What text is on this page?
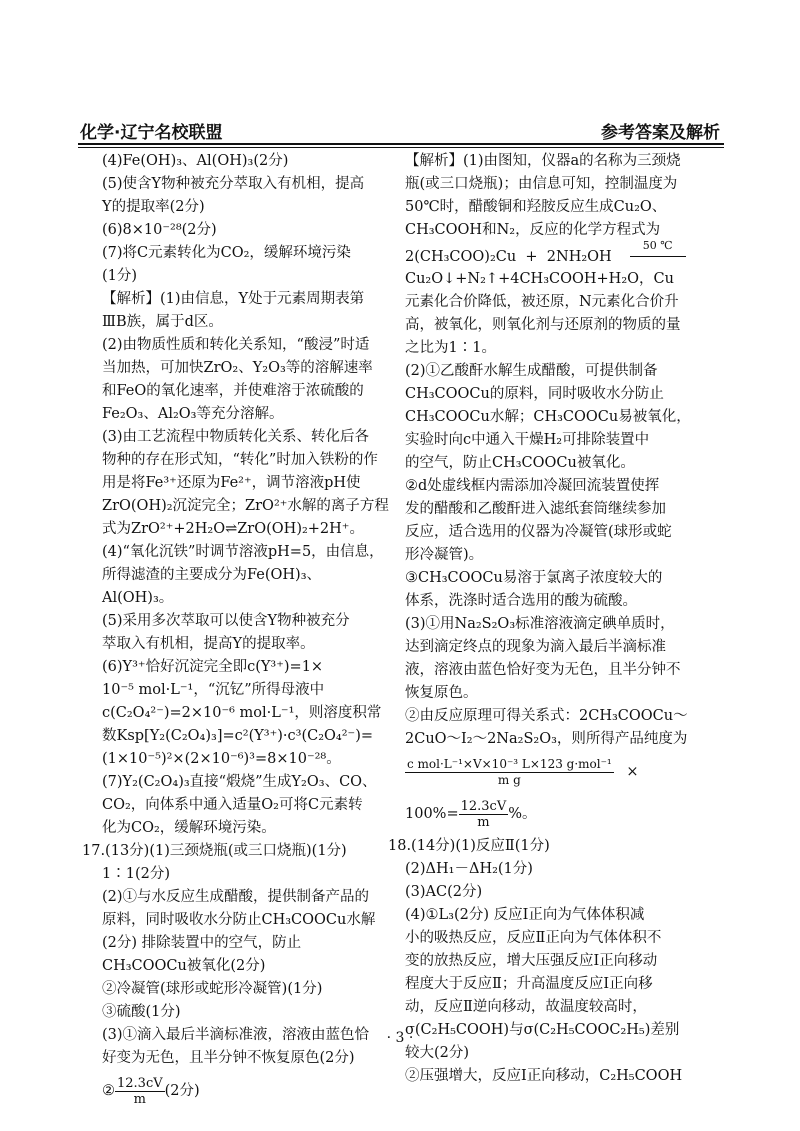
化学·辽宁名校联盟	参考答案及解析
(4)Fe(OH)₃、Al(OH)₃(2分)
(5)使含Y物种被充分萃取入有机相，提高
Y的提取率(2分)
(6)8×10⁻²⁸(2分)
(7)将C元素转化为CO₂，缓解环境污染
(1分)
【解析】(1)由信息，Y处于元素周期表第
ⅢB族，属于d区。
(2)由物质性质和转化关系知，“酸浸”时适
当加热，可加快ZrO₂、Y₂O₃等的溶解速率
和FeO的氧化速率，并使难溶于浓硫酸的
Fe₂O₃、Al₂O₃等充分溶解。
(3)由工艺流程中物质转化关系、转化后各
物种的存在形式知，“转化”时加入铁粉的作
用是将Fe³⁺还原为Fe²⁺，调节溶液pH使
ZrO(OH)₂沉淀完全；ZrO²⁺水解的离子方程
式为ZrO²⁺+2H₂O⇌ZrO(OH)₂+2H⁺。
(4)“氧化沉铁”时调节溶液pH=5，由信息，
所得滤渣的主要成分为Fe(OH)₃、
Al(OH)₃。
(5)采用多次萃取可以使含Y物种被充分
萃取入有机相，提高Y的提取率。
(6)Y³⁺恰好沉淀完全即c(Y³⁺)=1×
10⁻⁵ mol·L⁻¹，“沉钇”所得母液中
c(C₂O₄²⁻)=2×10⁻⁶ mol·L⁻¹，则溶度积常
数Ksp[Y₂(C₂O₄)₃]=c²(Y³⁺)·c³(C₂O₄²⁻)=
(1×10⁻⁵)²×(2×10⁻⁶)³=8×10⁻²⁸。
(7)Y₂(C₂O₄)₃直接“煅烧”生成Y₂O₃、CO、
CO₂，向体系中通入适量O₂可将C元素转
化为CO₂，缓解环境污染。
17.(13分)(1)三颈烧瓶(或三口烧瓶)(1分)
1∶1(2分)
(2)①与水反应生成醋酸，提供制备产品的
原料，同时吸收水分防止CH₃COOCu水解
(2分) 排除装置中的空气，防止
CH₃COOCu被氧化(2分)
②冷凝管(球形或蛇形冷凝管)(1分)
③硫酸(1分)
(3)①滴入最后半滴标准液，溶液由蓝色恰
好变为无色，且半分钟不恢复原色(2分)
② $\frac{12.3cV}{m} (2$分)
【解析】(1)由图知，仪器a的名称为三颈烧
瓶(或三口烧瓶)；由信息可知，控制温度为
50℃时，醋酸铜和羟胺反应生成Cu₂O、
CH₃COOH和N₂，反应的化学方程式为
2(CH₃COO)₂Cu  +  2NH₂OH
50 ℃
Cu₂O↓+N₂↑+4CH₃COOH+H₂O，Cu
元素化合价降低，被还原，N元素化合价升
高，被氧化，则氧化剂与还原剂的物质的量
之比为1∶1。
(2)①乙酸酐水解生成醋酸，可提供制备
CH₃COOCu的原料，同时吸收水分防止
CH₃COOCu水解；CH₃COOCu易被氧化，
实验时向c中通入干燥H₂可排除装置中
的空气，防止CH₃COOCu被氧化。
②d处虚线框内需添加冷凝回流装置使挥
发的醋酸和乙酸酐进入滤纸套筒继续参加
反应，适合选用的仪器为冷凝管(球形或蛇
形冷凝管)。
③CH₃COOCu易溶于氯离子浓度较大的
体系，洗涤时适合选用的酸为硫酸。
(3)①用Na₂S₂O₃标准溶液滴定碘单质时，
达到滴定终点的现象为滴入最后半滴标准
液，溶液由蓝色恰好变为无色，且半分钟不
恢复原色。
②由反应原理可得关系式：2CH₃COOCu～
2CuO～I₂～2Na₂S₂O₃，则所得产品纯度为
$\frac{\text{c mol·L⁻¹×V×10⁻³ L×123 g·mol⁻¹}}{\text{m g}}$ ×
$100\%= \frac{12.3cV}{m}$ %。
18.(14分)(1)反应Ⅱ(1分)
(2)ΔH₁－ΔH₂(1分)
(3)AC(2分)
(4)①L₃(2分) 反应Ⅰ正向为气体体积减
小的吸热反应，反应Ⅱ正向为气体体积不
变的放热反应，增大压强反应Ⅰ正向移动
程度大于反应Ⅱ；升高温度反应Ⅰ正向移
动，反应Ⅱ逆向移动，故温度较高时，
σ(C₂H₅COOH)与σ(C₂H₅COOC₂H₅)差别
较大(2分)
②压强增大，反应Ⅰ正向移动，C₂H₅COOH
· 3 ·
